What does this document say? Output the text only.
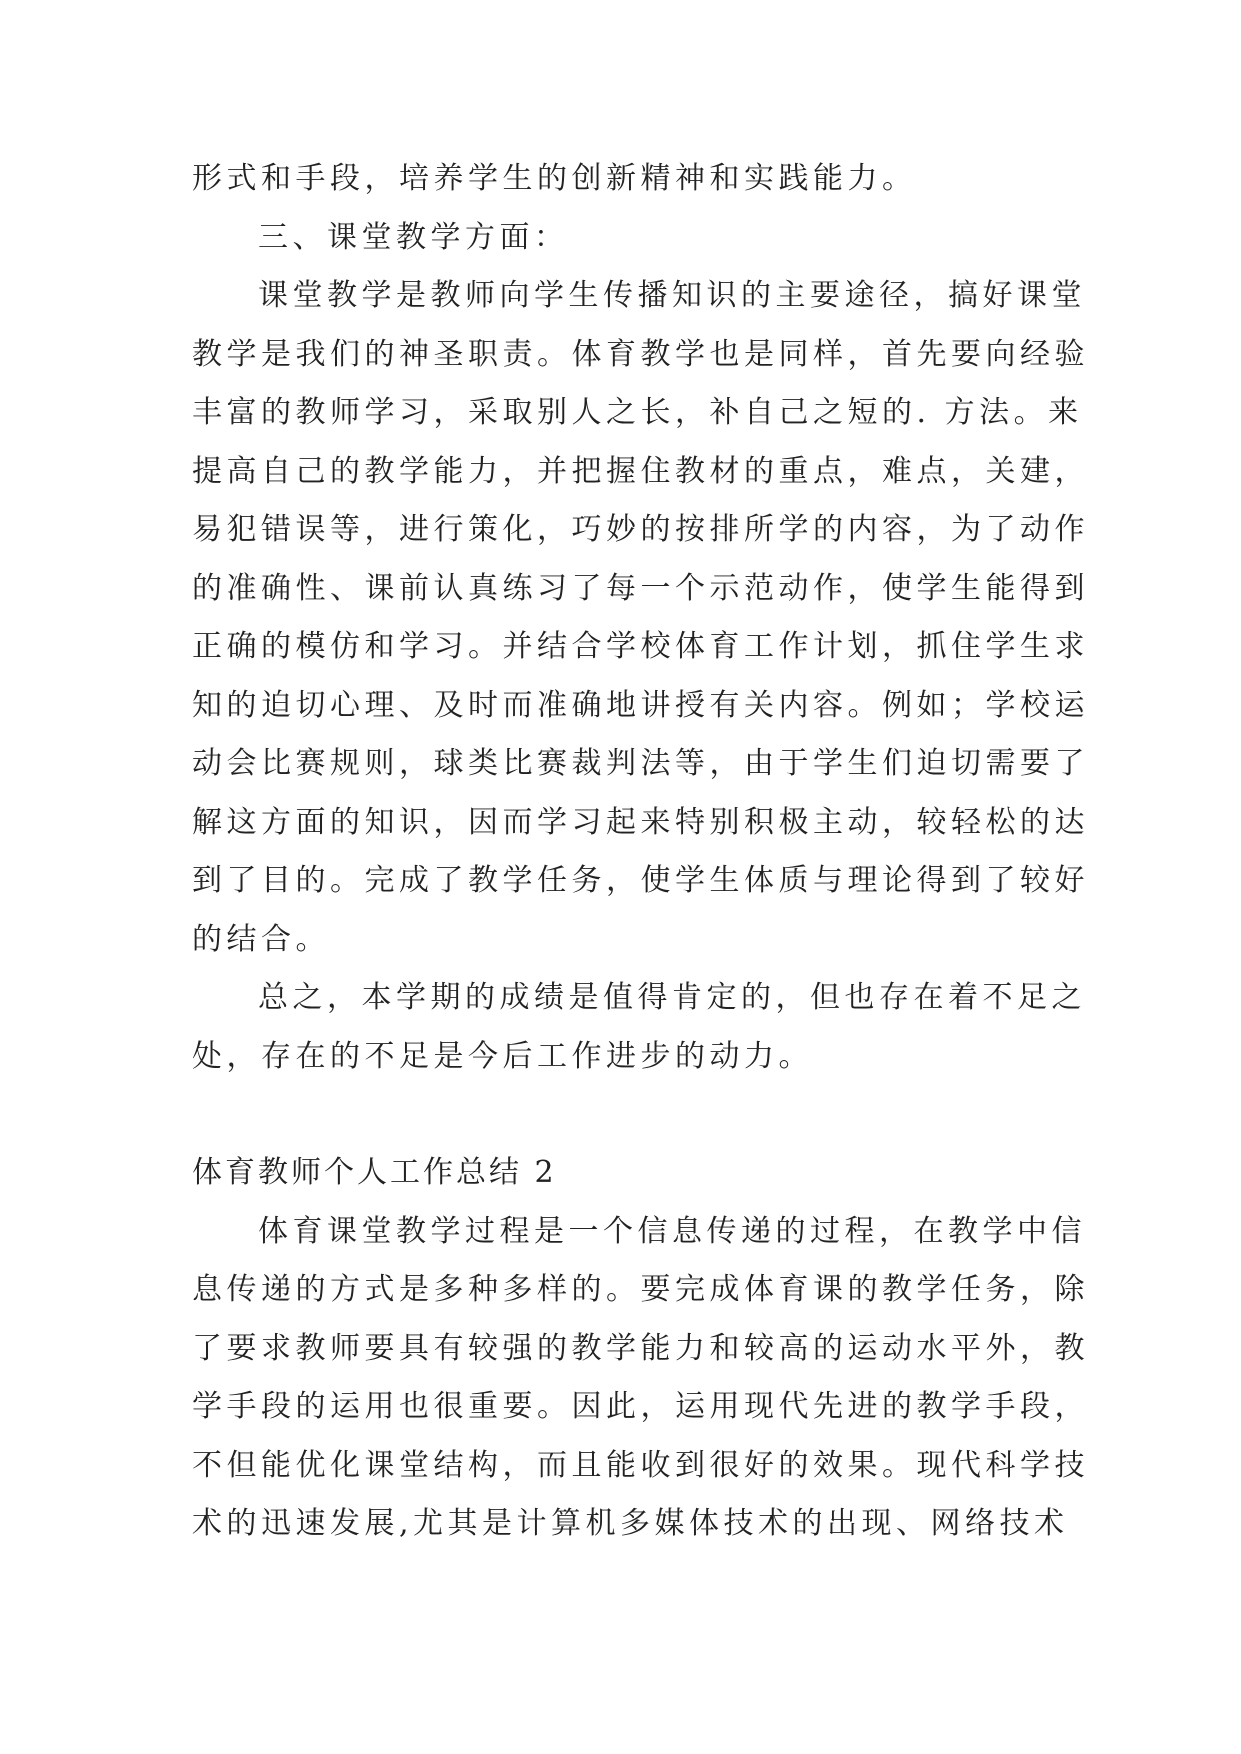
形式和手段，培养学生的创新精神和实践能力。
三、课堂教学方面：
课堂教学是教师向学生传播知识的主要途径，搞好课堂
教学是我们的神圣职责。体育教学也是同样，首先要向经验
丰富的教师学习，采取别人之长，补自己之短的. 方法。来
提高自己的教学能力，并把握住教材的重点，难点，关建，
易犯错误等，进行策化，巧妙的按排所学的内容，为了动作
的准确性、课前认真练习了每一个示范动作，使学生能得到
正确的模仿和学习。并结合学校体育工作计划，抓住学生求
知的迫切心理、及时而准确地讲授有关内容。例如；学校运
动会比赛规则，球类比赛裁判法等，由于学生们迫切需要了
解这方面的知识，因而学习起来特别积极主动，较轻松的达
到了目的。完成了教学任务，使学生体质与理论得到了较好
的结合。
总之，本学期的成绩是值得肯定的，但也存在着不足之
处，存在的不足是今后工作进步的动力。
体育教师个人工作总结 2
体育课堂教学过程是一个信息传递的过程，在教学中信
息传递的方式是多种多样的。要完成体育课的教学任务，除
了要求教师要具有较强的教学能力和较高的运动水平外，教
学手段的运用也很重要。因此，运用现代先进的教学手段，
不但能优化课堂结构，而且能收到很好的效果。现代科学技
术的迅速发展,尤其是计算机多媒体技术的出现、网络技术
